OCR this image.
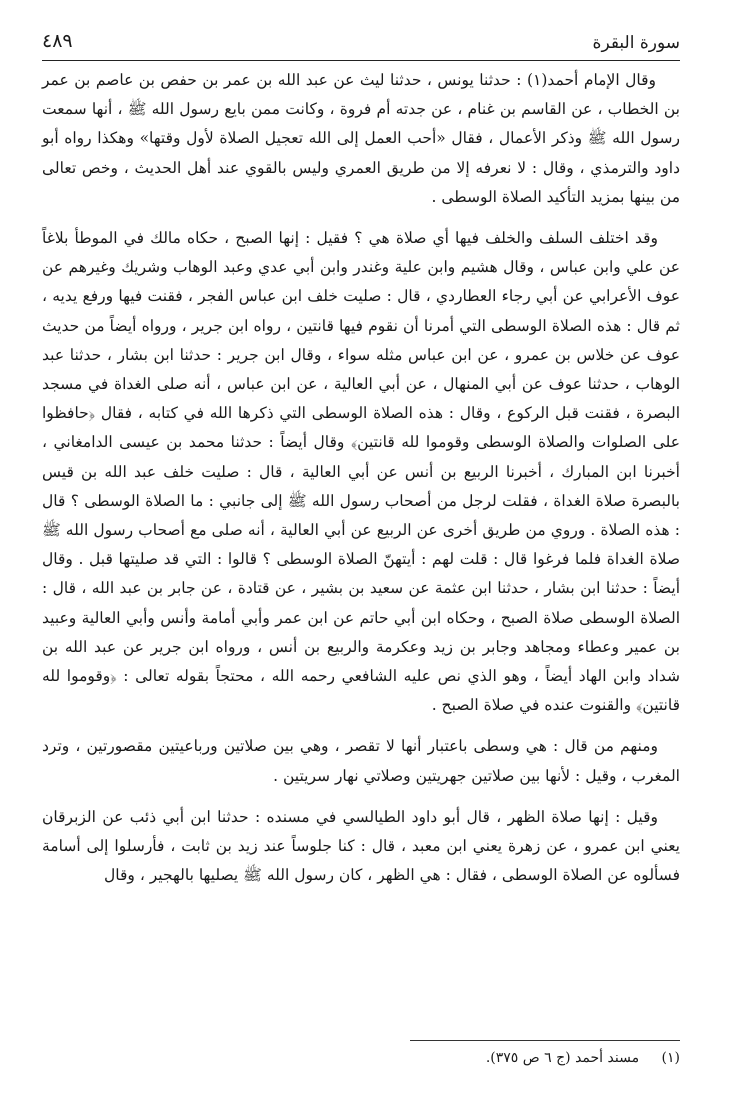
سورة البقرة
٤٨٩

وقال الإمام أحمد(١) : حدثنا يونس ، حدثنا ليث عن عبد الله بن عمر بن حفص بن عاصم بن عمر بن الخطاب ، عن القاسم بن غنام ، عن جدته أم فروة ، وكانت ممن بايع رسول الله ﷺ ، أنها سمعت رسول الله ﷺ وذكر الأعمال ، فقال «أحب العمل إلى الله تعجيل الصلاة لأول وقتها» وهكذا رواه أبو داود والترمذي ، وقال : لا نعرفه إلا من طريق العمري وليس بالقوي عند أهل الحديث ، وخص تعالى من بينها بمزيد التأكيد الصلاة الوسطى .

وقد اختلف السلف والخلف فيها أي صلاة هي ؟ فقيل : إنها الصبح ، حكاه مالك في الموطأ بلاغاً عن علي وابن عباس ، وقال هشيم وابن علية وغندر وابن أبي عدي وعبد الوهاب وشريك وغيرهم عن عوف الأعرابي عن أبي رجاء العطاردي ، قال : صليت خلف ابن عباس الفجر ، فقنت فيها ورفع يديه ، ثم قال : هذه الصلاة الوسطى التي أمرنا أن نقوم فيها قانتين ، رواه ابن جرير ، ورواه أيضاً من حديث عوف عن خلاس بن عمرو ، عن ابن عباس مثله سواء ، وقال ابن جرير : حدثنا ابن بشار ، حدثنا عبد الوهاب ، حدثنا عوف عن أبي المنهال ، عن أبي العالية ، عن ابن عباس ، أنه صلى الغداة في مسجد البصرة ، فقنت قبل الركوع ، وقال : هذه الصلاة الوسطى التي ذكرها الله في كتابه ، فقال ﴿حافظوا على الصلوات والصلاة الوسطى وقوموا لله قانتين﴾ وقال أيضاً : حدثنا محمد بن عيسى الدامغاني ، أخبرنا ابن المبارك ، أخبرنا الربيع بن أنس عن أبي العالية ، قال : صليت خلف عبد الله بن قيس بالبصرة صلاة الغداة ، فقلت لرجل من أصحاب رسول الله ﷺ إلى جانبي : ما الصلاة الوسطى ؟ قال : هذه الصلاة . وروي من طريق أخرى عن الربيع عن أبي العالية ، أنه صلى مع أصحاب رسول الله ﷺ صلاة الغداة فلما فرغوا قال : قلت لهم : أيتهنّ الصلاة الوسطى ؟ قالوا : التي قد صليتها قبل . وقال أيضاً : حدثنا ابن بشار ، حدثنا ابن عثمة عن سعيد بن بشير ، عن قتادة ، عن جابر بن عبد الله ، قال : الصلاة الوسطى صلاة الصبح ، وحكاه ابن أبي حاتم عن ابن عمر وأبي أمامة وأنس وأبي العالية وعبيد بن عمير وعطاء ومجاهد وجابر بن زيد وعكرمة والربيع بن أنس ، ورواه ابن جرير عن عبد الله بن شداد وابن الهاد أيضاً ، وهو الذي نص عليه الشافعي رحمه الله ، محتجاً بقوله تعالى : ﴿وقوموا لله قانتين﴾ والقنوت عنده في صلاة الصبح .

ومنهم من قال : هي وسطى باعتبار أنها لا تقصر ، وهي بين صلاتين ورباعيتين مقصورتين ، وترد المغرب ، وقيل : لأنها بين صلاتين جهريتين وصلاتي نهار سريتين .

وقيل : إنها صلاة الظهر ، قال أبو داود الطيالسي في مسنده : حدثنا ابن أبي ذئب عن الزبرقان يعني ابن عمرو ، عن زهرة يعني ابن معبد ، قال : كنا جلوساً عند زيد بن ثابت ، فأرسلوا إلى أسامة فسألوه عن الصلاة الوسطى ، فقال : هي الظهر ، كان رسول الله ﷺ يصليها بالهجير ، وقال

(١) مسند أحمد (ج ٦ ص ٣٧٥).
